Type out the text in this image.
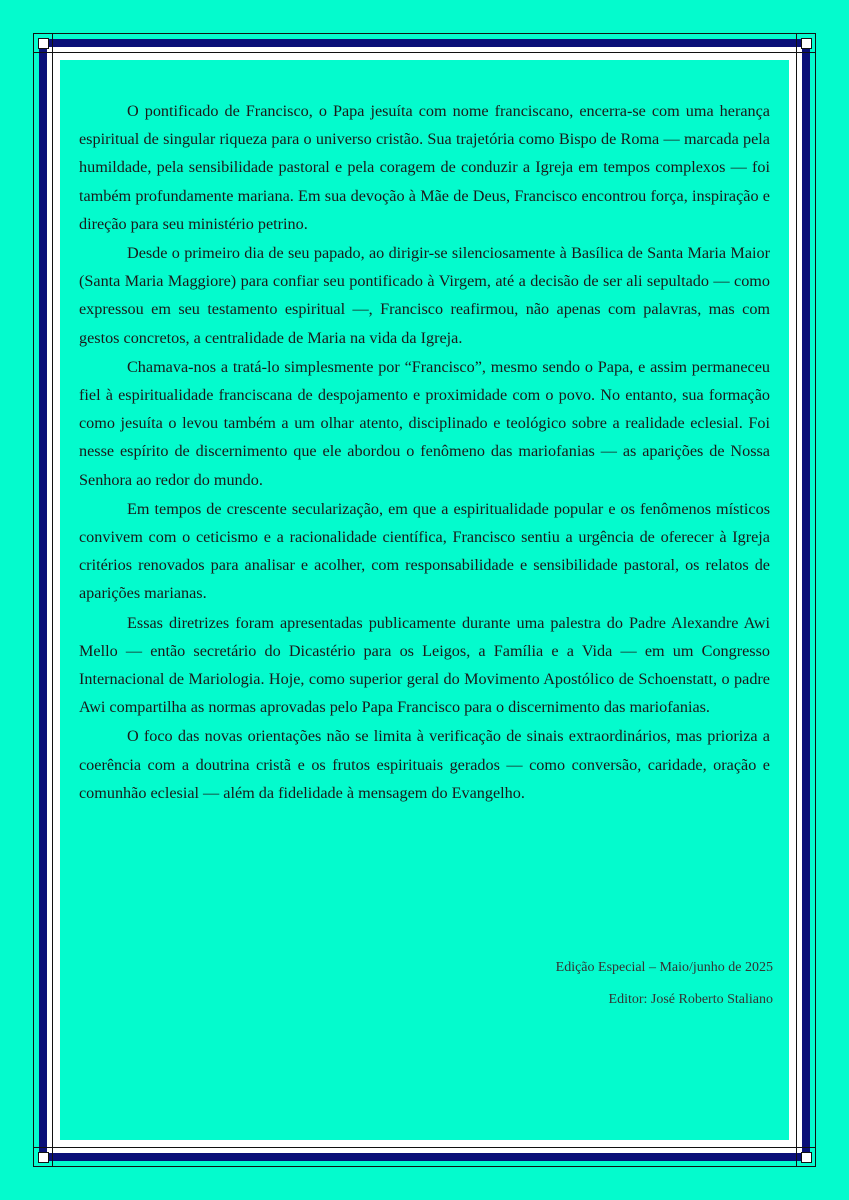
O pontificado de Francisco, o Papa jesuíta com nome franciscano, encerra-se com uma herança espiritual de singular riqueza para o universo cristão. Sua trajetória como Bispo de Roma — marcada pela humildade, pela sensibilidade pastoral e pela coragem de conduzir a Igreja em tempos complexos — foi também profundamente mariana. Em sua devoção à Mãe de Deus, Francisco encontrou força, inspiração e direção para seu ministério petrino.

Desde o primeiro dia de seu papado, ao dirigir-se silenciosamente à Basílica de Santa Maria Maior (Santa Maria Maggiore) para confiar seu pontificado à Virgem, até a decisão de ser ali sepultado — como expressou em seu testamento espiritual —, Francisco reafirmou, não apenas com palavras, mas com gestos concretos, a centralidade de Maria na vida da Igreja.

Chamava-nos a tratá-lo simplesmente por “Francisco”, mesmo sendo o Papa, e assim permaneceu fiel à espiritualidade franciscana de despojamento e proximidade com o povo. No entanto, sua formação como jesuíta o levou também a um olhar atento, disciplinado e teológico sobre a realidade eclesial. Foi nesse espírito de discernimento que ele abordou o fenômeno das mariofanias — as aparições de Nossa Senhora ao redor do mundo.

Em tempos de crescente secularização, em que a espiritualidade popular e os fenômenos místicos convivem com o ceticismo e a racionalidade científica, Francisco sentiu a urgência de oferecer à Igreja critérios renovados para analisar e acolher, com responsabilidade e sensibilidade pastoral, os relatos de aparições marianas.

Essas diretrizes foram apresentadas publicamente durante uma palestra do Padre Alexandre Awi Mello — então secretário do Dicastério para os Leigos, a Família e a Vida — em um Congresso Internacional de Mariologia. Hoje, como superior geral do Movimento Apostólico de Schoenstatt, o padre Awi compartilha as normas aprovadas pelo Papa Francisco para o discernimento das mariofanias.

O foco das novas orientações não se limita à verificação de sinais extraordinários, mas prioriza a coerência com a doutrina cristã e os frutos espirituais gerados — como conversão, caridade, oração e comunhão eclesial — além da fidelidade à mensagem do Evangelho.

Edição Especial – Maio/junho de 2025
Editor: José Roberto Staliano
